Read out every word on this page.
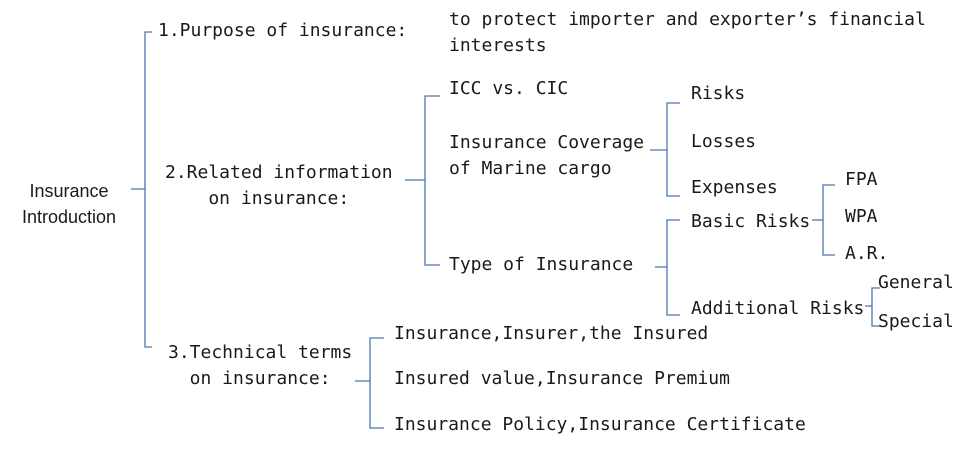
Insurance
Introduction
1.Purpose of insurance:
to protect importer and exporter’s financial
interests
2.Related information
on insurance:
ICC vs. CIC
Insurance Coverage
of Marine cargo
Risks
Losses
Expenses
Type of Insurance
Basic Risks
FPA
WPA
A.R.
Additional Risks
General
Special
3.Technical terms
on insurance:
Insurance,Insurer,the Insured
Insured value,Insurance Premium
Insurance Policy,Insurance Certificate
